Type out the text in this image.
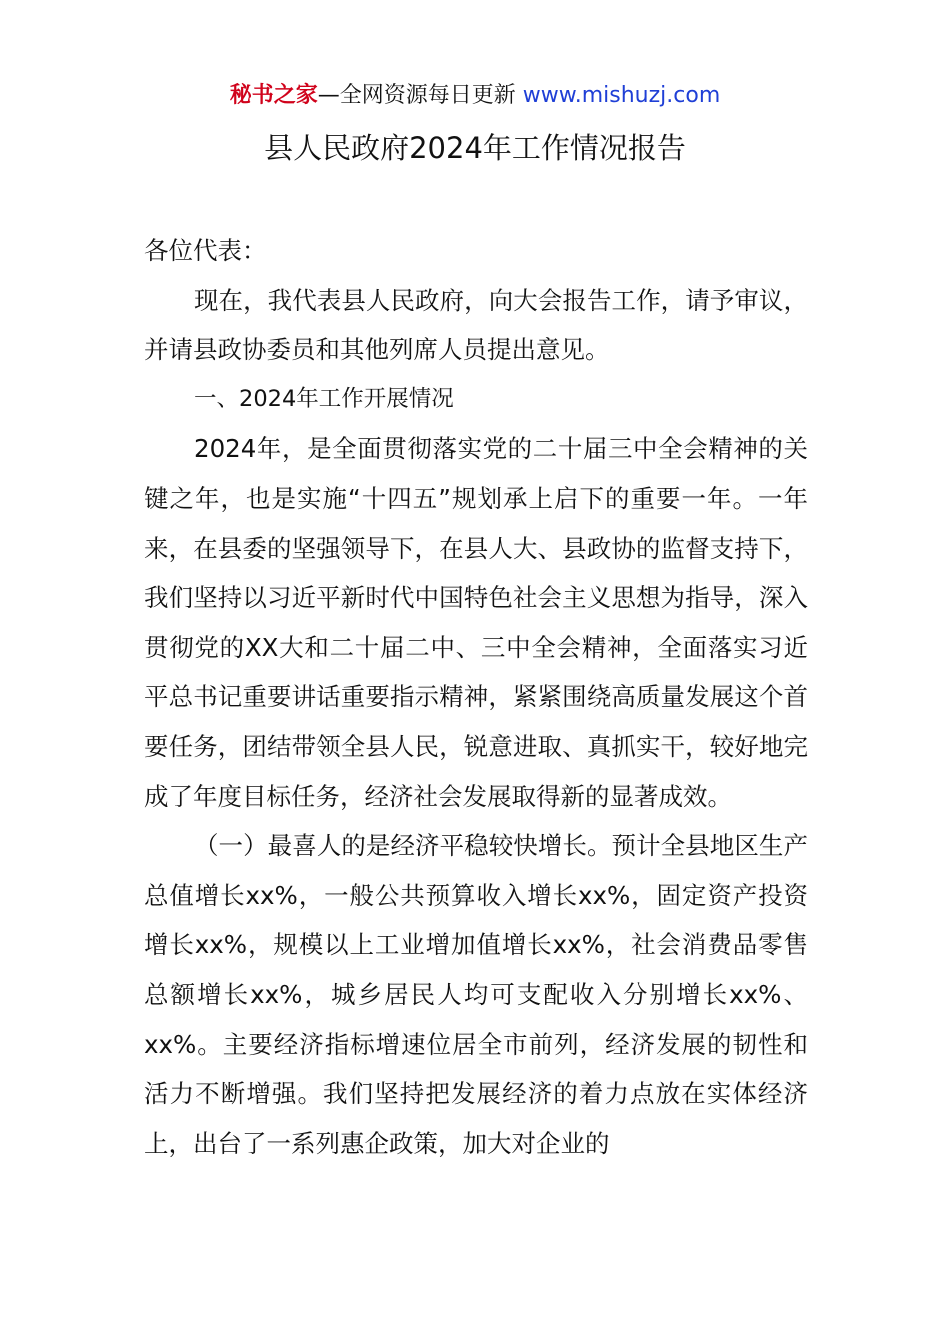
秘书之家—全网资源每日更新 www.mishuzj.com
县人民政府2024年工作情况报告

各位代表：

现在，我代表县人民政府，向大会报告工作，请予审议，并请县政协委员和其他列席人员提出意见。

一、2024年工作开展情况

2024年，是全面贯彻落实党的二十届三中全会精神的关键之年，也是实施“十四五”规划承上启下的重要一年。一年来，在县委的坚强领导下，在县人大、县政协的监督支持下，我们坚持以习近平新时代中国特色社会主义思想为指导，深入贯彻党的XX大和二十届二中、三中全会精神，全面落实习近平总书记重要讲话重要指示精神，紧紧围绕高质量发展这个首要任务，团结带领全县人民，锐意进取、真抓实干，较好地完成了年度目标任务，经济社会发展取得新的显著成效。

（一）最喜人的是经济平稳较快增长。预计全县地区生产总值增长xx%，一般公共预算收入增长xx%，固定资产投资增长xx%，规模以上工业增加值增长xx%，社会消费品零售总额增长xx%，城乡居民人均可支配收入分别增长xx%、xx%。主要经济指标增速位居全市前列，经济发展的韧性和活力不断增强。我们坚持把发展经济的着力点放在实体经济上，出台了一系列惠企政策，加大对企业的
